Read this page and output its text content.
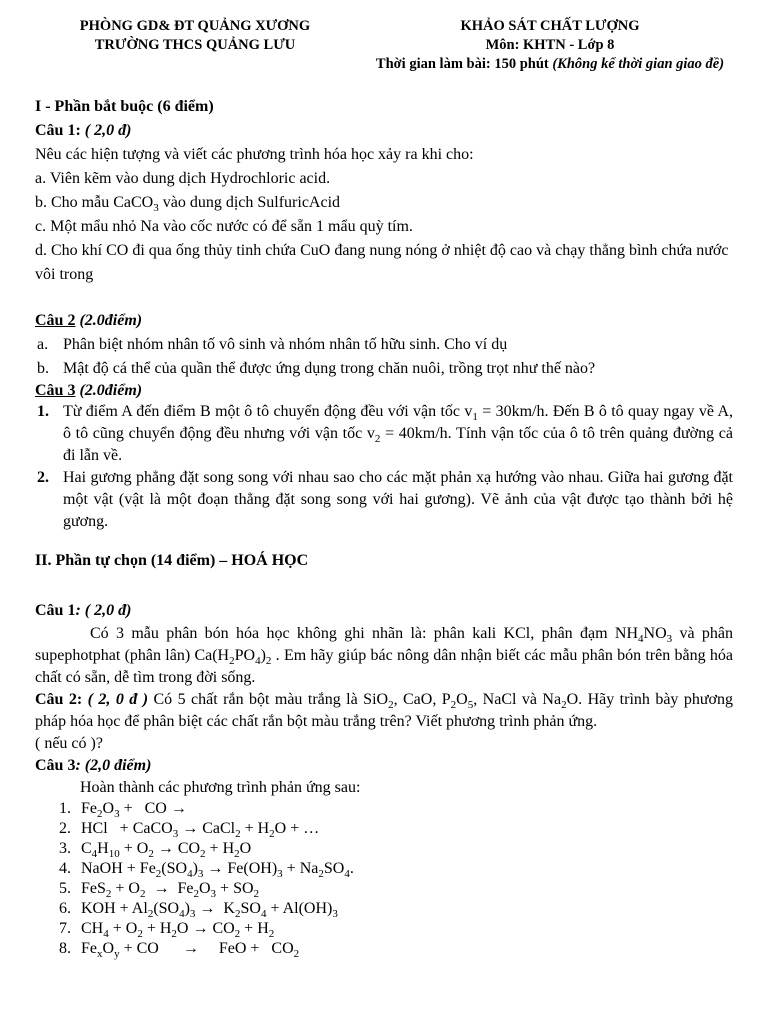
PHÒNG GD& ĐT QUẢNG XƯƠNG
TRƯỜNG THCS QUẢNG LƯU
KHẢO SÁT CHẤT LƯỢNG
Môn: KHTN - Lớp 8
Thời gian làm bài: 150 phút (Không kể thời gian giao đề)

I - Phần bắt buộc (6 điểm)

Câu 1: ( 2,0 đ)

Nêu các hiện tượng và viết các phương trình hóa học xảy ra khi cho:

a. Viên kẽm vào dung dịch Hydrochloric acid.

b. Cho mẫu CaCO$_3$ vào dung dịch SulfuricAcid

c. Một mẩu nhỏ Na vào cốc nước có để sẵn 1 mẩu quỳ tím.

d. Cho khí CO đi qua ống thủy tinh chứa CuO đang nung nóng ở nhiệt độ cao và chạy thẳng bình chứa nước vôi trong

Câu 2 (2.0điểm)

a. Phân biệt nhóm nhân tố vô sinh và nhóm nhân tố hữu sinh. Cho ví dụ
b. Mật độ cá thể của quần thể được ứng dụng trong chăn nuôi, trồng trọt như thế nào?

Câu 3 (2.0điểm)

1. Từ điểm A đến điểm B một ô tô chuyển động đều với vận tốc $v_1 = 30km/h$. Đến B ô tô quay ngay về A, ô tô cũng chuyển động đều nhưng với vận tốc $v_2 = 40km/h$. Tính vận tốc của ô tô trên quảng đường cả đi lẫn về.
2. Hai gương phẳng đặt song song với nhau sao cho các mặt phản xạ hướng vào nhau. Giữa hai gương đặt một vật (vật là một đoạn thẳng đặt song song với hai gương). Vẽ ảnh của vật được tạo thành bởi hệ gương.

II. Phần tự chọn (14 điểm) – HOÁ HỌC

Câu 1: ( 2,0 đ)

Có 3 mẫu phân bón hóa học không ghi nhãn là: phân kali KCl, phân đạm $NH_4NO_3$ và phân supephotphat (phân lân) $Ca(H_2PO_4)_2$ . Em hãy giúp bác nông dân nhận biết các mẫu phân bón trên bằng hóa chất có sẵn, dễ tìm trong đời sống.

Câu 2: ( 2, 0 đ ) Có 5 chất rắn bột màu trắng là SiO$_2$, CaO, $P_2O_5$, NaCl và $Na_2O$. Hãy trình bày phương pháp hóa học để phân biệt các chất rắn bột màu trắng trên? Viết phương trình phản ứng.

( nếu có )?

Câu 3: (2,0 điểm)

Hoàn thành các phương trình phản ứng sau:

1. $Fe_2O_3$ +   CO →
2. HCl   + CaCO$_3$ → CaCl$_2$ + $H_2O$ + …
3. $C_4H_{10} + O_2 \to CO_2 + H_2O$
4. NaOH + $Fe_2(SO_4)_3 \to Fe(OH)_3 + Na_2SO_4$.
5. $FeS_2 + O_2 \to Fe_2O_3 + SO_2$
6. KOH + $Al_2(SO_4)_3 \to K_2SO_4 + Al(OH)_3$
7. $CH_4 + O_2 + H_2O \to CO_2 + H_2$
8. $Fe_xO_y$ + CO      →     FeO +   $CO_2$
